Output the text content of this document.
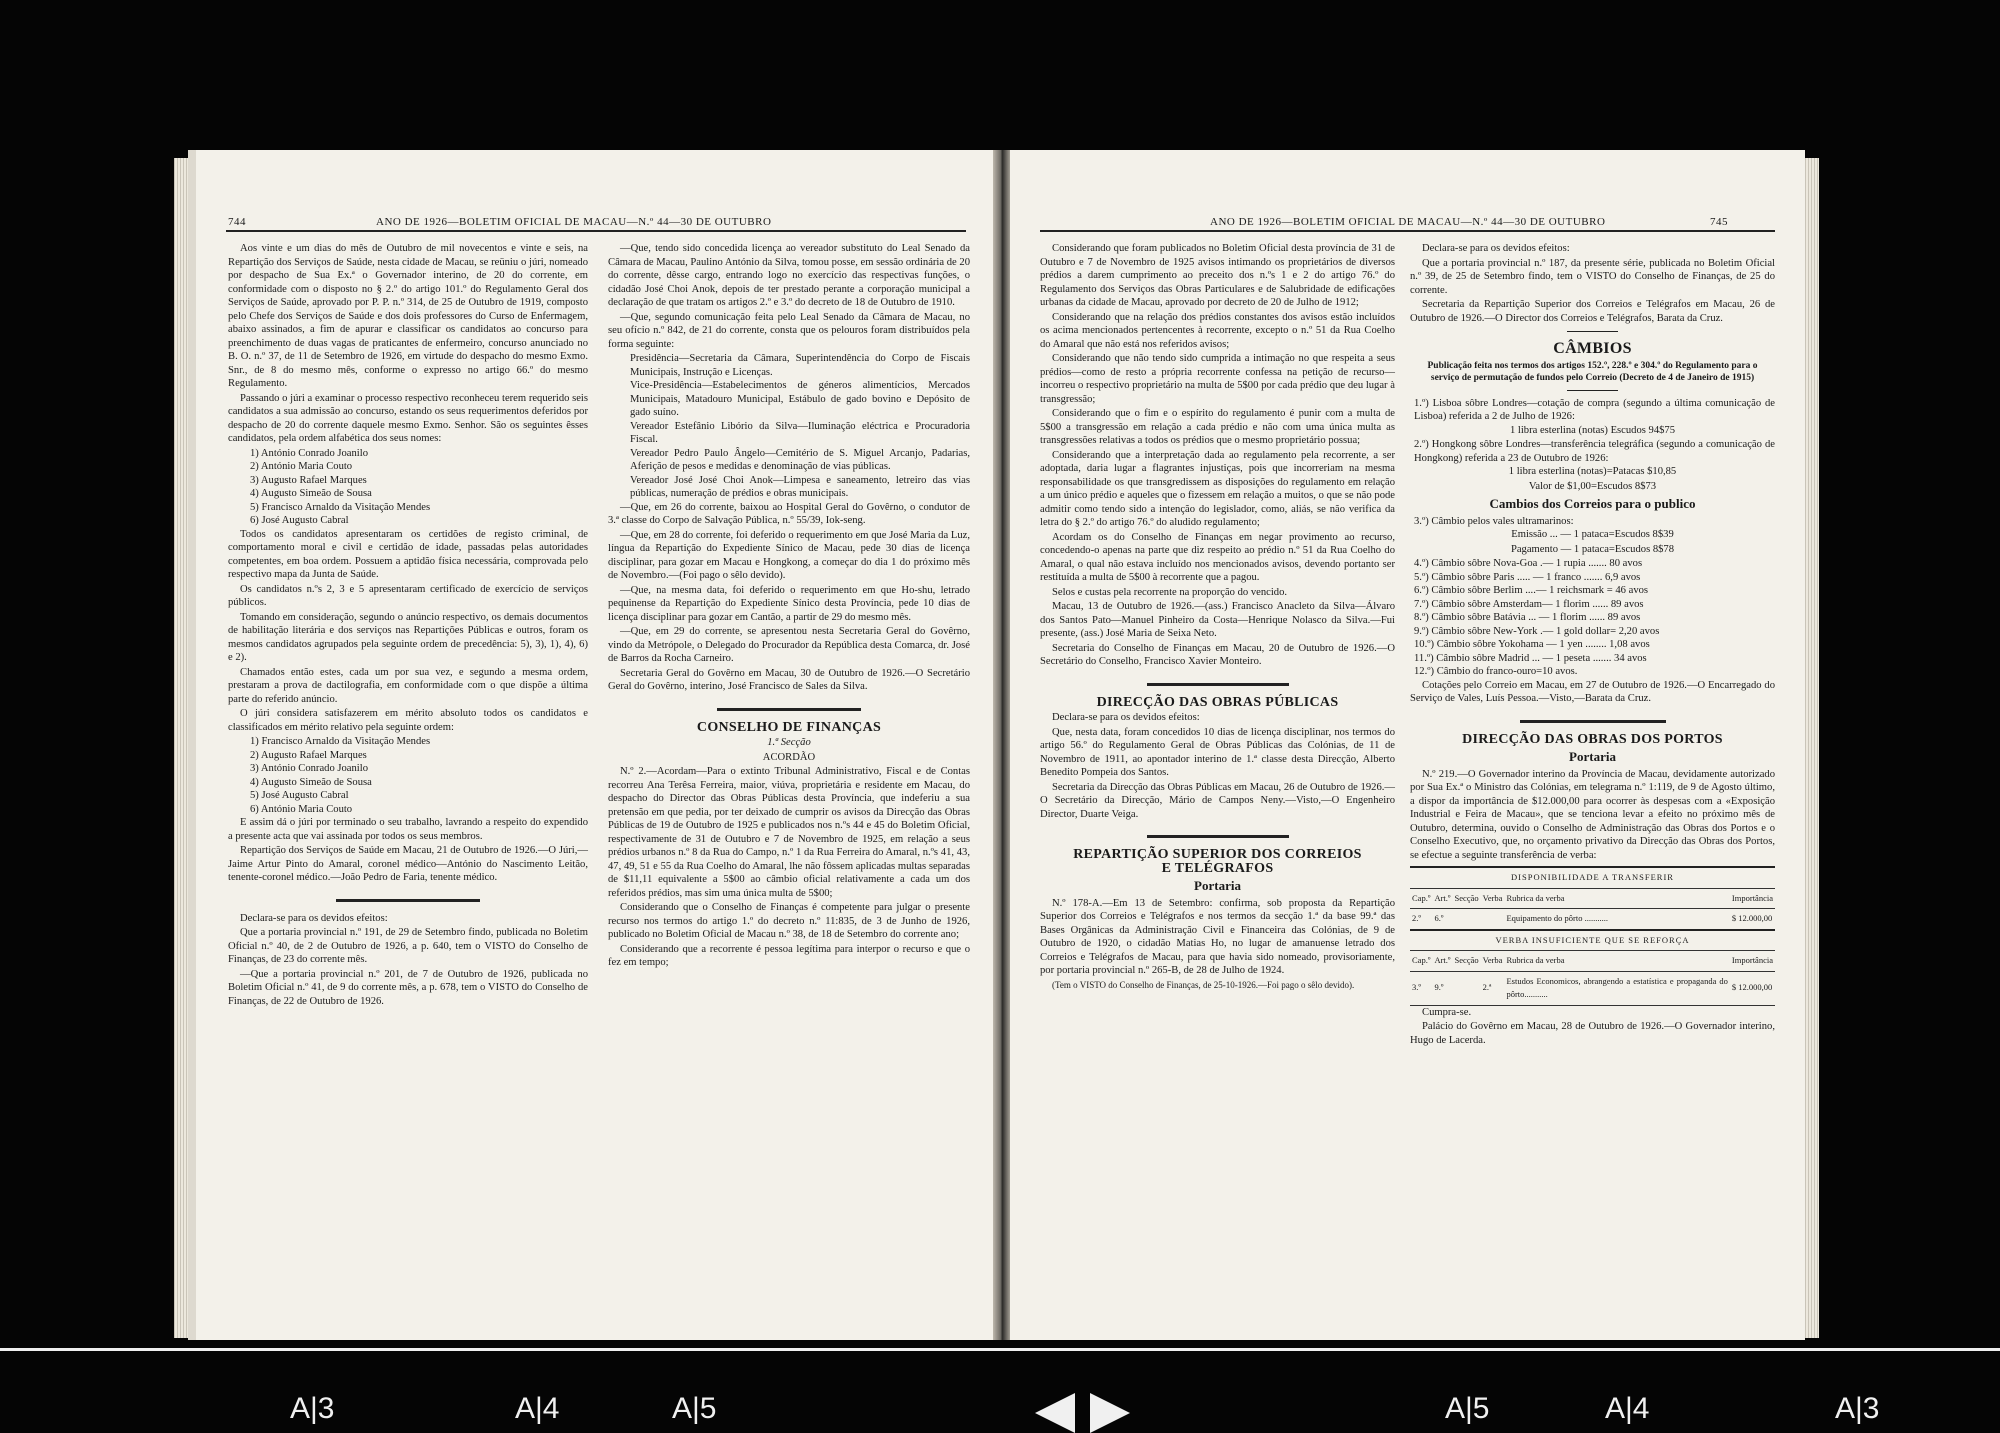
744	ANO DE 1926—BOLETIM OFICIAL DE MACAU—N.º 44—30 DE OUTUBRO

Aos vinte e um dias do mês de Outubro de mil novecentos e vinte e seis, na Repartição dos Serviços de Saúde, nesta cidade de Macau, se reüniu o júri, nomeado por despacho de Sua Ex.ª o Governador interino, de 20 do corrente, em conformidade com o disposto no § 2.º do artigo 101.º do Regulamento Geral dos Serviços de Saúde, aprovado por P. P. n.º 314, de 25 de Outubro de 1919, composto pelo Chefe dos Serviços de Saúde e dos dois professores do Curso de Enfermagem, abaixo assinados, a fim de apurar e classificar os candidatos ao concurso para preenchimento de duas vagas de praticantes de enfermeiro, concurso anunciado no B. O. n.º 37, de 11 de Setembro de 1926, em virtude do despacho do mesmo Exmo. Snr., de 8 do mesmo mês, conforme o expresso no artigo 66.º do mesmo Regulamento.

Passando o júri a examinar o processo respectivo reconheceu terem requerido seis candidatos a sua admissão ao concurso, estando os seus requerimentos deferidos por despacho de 20 do corrente daquele mesmo Exmo. Senhor. São os seguintes êsses candidatos, pela ordem alfabética dos seus nomes:

1) António Conrado Joanilo

2) António Maria Couto

3) Augusto Rafael Marques

4) Augusto Simeão de Sousa

5) Francisco Arnaldo da Visitação Mendes

6) José Augusto Cabral

Todos os candidatos apresentaram os certidões de registo criminal, de comportamento moral e civil e certidão de idade, passadas pelas autoridades competentes, em boa ordem. Possuem a aptidão física necessária, comprovada pelo respectivo mapa da Junta de Saúde.

Os candidatos n.ºs 2, 3 e 5 apresentaram certificado de exercício de serviços públicos.

Tomando em consideração, segundo o anúncio respectivo, os demais documentos de habilitação literária e dos serviços nas Repartições Públicas e outros, foram os mesmos candidatos agrupados pela seguinte ordem de precedência: 5), 3), 1), 4), 6) e 2).

Chamados então estes, cada um por sua vez, e segundo a mesma ordem, prestaram a prova de dactilografia, em conformidade com o que dispõe a última parte do referido anúncio.

O júri considera satisfazerem em mérito absoluto todos os candidatos e classificados em mérito relativo pela seguinte ordem:

1) Francisco Arnaldo da Visitação Mendes

2) Augusto Rafael Marques

3) António Conrado Joanilo

4) Augusto Simeão de Sousa

5) José Augusto Cabral

6) António Maria Couto

E assim dá o júri por terminado o seu trabalho, lavrando a respeito do expendido a presente acta que vai assinada por todos os seus membros.

Repartição dos Serviços de Saúde em Macau, 21 de Outubro de 1926.—O Júri,—Jaime Artur Pinto do Amaral, coronel médico—António do Nascimento Leitão, tenente-coronel médico.—João Pedro de Faria, tenente médico.

Declara-se para os devidos efeitos:

Que a portaria provincial n.º 191, de 29 de Setembro findo, publicada no Boletim Oficial n.º 40, de 2 de Outubro de 1926, a p. 640, tem o VISTO do Conselho de Finanças, de 23 do corrente mês.

—Que a portaria provincial n.º 201, de 7 de Outubro de 1926, publicada no Boletim Oficial n.º 41, de 9 do corrente mês, a p. 678, tem o VISTO do Conselho de Finanças, de 22 de Outubro de 1926.

—Que, tendo sido concedida licença ao vereador substituto do Leal Senado da Câmara de Macau, Paulino António da Silva, tomou posse, em sessão ordinária de 20 do corrente, dêsse cargo, entrando logo no exercício das respectivas funções, o cidadão José Choi Anok, depois de ter prestado perante a corporação municipal a declaração de que tratam os artigos 2.º e 3.º do decreto de 18 de Outubro de 1910.

—Que, segundo comunicação feita pelo Leal Senado da Câmara de Macau, no seu ofício n.º 842, de 21 do corrente, consta que os pelouros foram distribuídos pela forma seguinte:

Presidência—Secretaria da Câmara, Superintendência do Corpo de Fiscais Municipais, Instrução e Licenças.

Vice-Presidência—Estabelecimentos de géneros alimentícios, Mercados Municipais, Matadouro Municipal, Estábulo de gado bovino e Depósito de gado suíno.

Vereador Estefânio Libório da Silva—Iluminação eléctrica e Procuradoria Fiscal.

Vereador Pedro Paulo Ângelo—Cemitério de S. Miguel Arcanjo, Padarias, Aferição de pesos e medidas e denominação de vias públicas.

Vereador José José Choi Anok—Limpesa e saneamento, letreiro das vias públicas, numeração de prédios e obras municipais.

—Que, em 26 do corrente, baixou ao Hospital Geral do Govêrno, o condutor de 3.ª classe do Corpo de Salvação Pública, n.º 55/39, Iok-seng.

—Que, em 28 do corrente, foi deferido o requerimento em que José Maria da Luz, língua da Repartição do Expediente Sínico de Macau, pede 30 dias de licença disciplinar, para gozar em Macau e Hongkong, a começar do dia 1 do próximo mês de Novembro.—(Foi pago o sêlo devido).

—Que, na mesma data, foi deferido o requerimento em que Ho-shu, letrado pequinense da Repartição do Expediente Sínico desta Província, pede 10 dias de licença disciplinar para gozar em Cantão, a partir de 29 do mesmo mês.

—Que, em 29 do corrente, se apresentou nesta Secretaria Geral do Govêrno, vindo da Metrópole, o Delegado do Procurador da República desta Comarca, dr. José de Barros da Rocha Carneiro.

Secretaria Geral do Govêrno em Macau, 30 de Outubro de 1926.—O Secretário Geral do Govêrno, interino, José Francisco de Sales da Silva.

CONSELHO DE FINANÇAS

1.ª Secção

ACORDÃO

N.º 2.—Acordam—Para o extinto Tribunal Administrativo, Fiscal e de Contas recorreu Ana Terêsa Ferreira, maior, viúva, proprietária e residente em Macau, do despacho do Director das Obras Públicas desta Província, que indeferiu a sua pretensão em que pedia, por ter deixado de cumprir os avisos da Direcção das Obras Públicas de 19 de Outubro de 1925 e publicados nos n.ºs 44 e 45 do Boletim Oficial, respectivamente de 31 de Outubro e 7 de Novembro de 1925, em relação a seus prédios urbanos n.º 8 da Rua do Campo, n.º 1 da Rua Ferreira do Amaral, n.ºs 41, 43, 47, 49, 51 e 55 da Rua Coelho do Amaral, lhe não fôssem aplicadas multas separadas de $11,11 equivalente a 5$00 ao câmbio oficial relativamente a cada um dos referidos prédios, mas sim uma única multa de 5$00;

Considerando que o Conselho de Finanças é competente para julgar o presente recurso nos termos do artigo 1.º do decreto n.º 11:835, de 3 de Junho de 1926, publicado no Boletim Oficial de Macau n.º 38, de 18 de Setembro do corrente ano;

Considerando que a recorrente é pessoa legítima para interpor o recurso e que o fez em tempo;

ANO DE 1926—BOLETIM OFICIAL DE MACAU—N.º 44—30 DE OUTUBRO	745

Considerando que foram publicados no Boletim Oficial desta província de 31 de Outubro e 7 de Novembro de 1925 avisos intimando os proprietários de diversos prédios a darem cumprimento ao preceito dos n.ºs 1 e 2 do artigo 76.º do Regulamento dos Serviços das Obras Particulares e de Salubridade de edificações urbanas da cidade de Macau, aprovado por decreto de 20 de Julho de 1912;

Considerando que na relação dos prédios constantes dos avisos estão incluídos os acima mencionados pertencentes à recorrente, excepto o n.º 51 da Rua Coelho do Amaral que não está nos referidos avisos;

Considerando que não tendo sido cumprida a intimação no que respeita a seus prédios—como de resto a própria recorrente confessa na petição de recurso—incorreu o respectivo proprietário na multa de 5$00 por cada prédio que deu lugar à transgressão;

Considerando que o fim e o espírito do regulamento é punir com a multa de 5$00 a transgressão em relação a cada prédio e não com uma única multa as transgressões relativas a todos os prédios que o mesmo proprietário possua;

Considerando que a interpretação dada ao regulamento pela recorrente, a ser adoptada, daria lugar a flagrantes injustiças, pois que incorreriam na mesma responsabilidade os que transgredissem as disposições do regulamento em relação a um único prédio e aqueles que o fizessem em relação a muitos, o que se não pode admitir como tendo sido a intenção do legislador, como, aliás, se não verifica da letra do § 2.º do artigo 76.º do aludido regulamento;

Acordam os do Conselho de Finanças em negar provimento ao recurso, concedendo-o apenas na parte que diz respeito ao prédio n.º 51 da Rua Coelho do Amaral, o qual não estava incluído nos mencionados avisos, devendo portanto ser restituída a multa de 5$00 à recorrente que a pagou.

Selos e custas pela recorrente na proporção do vencido.

Macau, 13 de Outubro de 1926.—(ass.) Francisco Anacleto da Silva—Álvaro dos Santos Pato—Manuel Pinheiro da Costa—Henrique Nolasco da Silva.—Fui presente, (ass.) José Maria de Seixa Neto.

Secretaria do Conselho de Finanças em Macau, 20 de Outubro de 1926.—O Secretário do Conselho, Francisco Xavier Monteiro.

DIRECÇÃO DAS OBRAS PÚBLICAS

Declara-se para os devidos efeitos:

Que, nesta data, foram concedidos 10 dias de licença disciplinar, nos termos do artigo 56.º do Regulamento Geral de Obras Públicas das Colónias, de 11 de Novembro de 1911, ao apontador interino de 1.ª classe desta Direcção, Alberto Benedito Pompeia dos Santos.

Secretaria da Direcção das Obras Públicas em Macau, 26 de Outubro de 1926.—O Secretário da Direcção, Mário de Campos Neny.—Visto,—O Engenheiro Director, Duarte Veiga.

REPARTIÇÃO SUPERIOR DOS CORREIOS
E TELÉGRAFOS
Portaria

N.º 178-A.—Em 13 de Setembro: confirma, sob proposta da Repartição Superior dos Correios e Telégrafos e nos termos da secção 1.ª da base 99.ª das Bases Orgânicas da Administração Civil e Financeira das Colónias, de 9 de Outubro de 1920, o cidadão Matias Ho, no lugar de amanuense letrado dos Correios e Telégrafos de Macau, para que havia sido nomeado, provisoriamente, por portaria provincial n.º 265-B, de 28 de Julho de 1924.

(Tem o VISTO do Conselho de Finanças, de 25-10-1926.—Foi pago o sêlo devido).

Declara-se para os devidos efeitos:

Que a portaria provincial n.º 187, da presente série, publicada no Boletim Oficial n.º 39, de 25 de Setembro findo, tem o VISTO do Conselho de Finanças, de 25 do corrente.

Secretaria da Repartição Superior dos Correios e Telégrafos em Macau, 26 de Outubro de 1926.—O Director dos Correios e Telégrafos, Barata da Cruz.

CÂMBIOS
Publicação feita nos termos dos artigos 152.º, 228.º e 304.º do Regulamento para o serviço de permutação de fundos pelo Correio (Decreto de 4 de Janeiro de 1915)

1.º) Lisboa sôbre Londres—cotação de compra (segundo a última comunicação de Lisboa) referida a 2 de Julho de 1926:

1 libra esterlina (notas) Escudos 94$75

2.º) Hongkong sôbre Londres—transferência telegráfica (segundo a comunicação de Hongkong) referida a 23 de Outubro de 1926:

1 libra esterlina (notas)=Patacas $10,85

Valor de $1,00=Escudos 8$73

Cambios dos Correios para o publico

3.º) Câmbio pelos vales ultramarinos:

Emissão ... — 1 pataca=Escudos 8$39

Pagamento — 1 pataca=Escudos 8$78

4.º) Câmbio sôbre Nova-Goa .— 1 rupia ....... 80 avos

5.º) Câmbio sôbre Paris ..... — 1 franco ....... 6,9 avos

6.º) Câmbio sôbre Berlim ....— 1 reichsmark = 46 avos

7.º) Câmbio sôbre Amsterdam— 1 florim ...... 89 avos

8.º) Câmbio sôbre Batávia ... — 1 florim ...... 89 avos

9.º) Câmbio sôbre New-York .— 1 gold dollar= 2,20 avos

10.º) Câmbio sôbre Yokohama — 1 yen ........ 1,08 avos

11.º) Câmbio sôbre Madrid ... — 1 peseta ....... 34 avos

12.º) Câmbio do franco-ouro=10 avos.

Cotações pelo Correio em Macau, em 27 de Outubro de 1926.—O Encarregado do Serviço de Vales, Luís Pessoa.—Visto,—Barata da Cruz.

DIRECÇÃO DAS OBRAS DOS PORTOS
Portaria

N.º 219.—O Governador interino da Província de Macau, devidamente autorizado por Sua Ex.ª o Ministro das Colónias, em telegrama n.º 1:119, de 9 de Agosto último, a dispor da importância de $12.000,00 para ocorrer às despesas com a «Exposição Industrial e Feira de Macau», que se tenciona levar a efeito no próximo mês de Outubro, determina, ouvido o Conselho de Administração das Obras dos Portos e o Conselho Executivo, que, no orçamento privativo da Direcção das Obras dos Portos, se efectue a seguinte transferência de verba:

DISPONIBILIDADE A TRANSFERIR					
Cap.º	Art.º	Secção	Verba	Rubrica da verba	Importância
2.º	6.º			Equipamento do pôrto ...........	$ 12.000,00
VERBA INSUFICIENTE QUE SE REFORÇA					
Cap.º	Art.º	Secção	Verba	Rubrica da verba	Importância
3.º	9.º		2.ª	Estudos Economicos, abrangendo a estatística e propaganda do pôrto...........	$ 12.000,00

Cumpra-se.

Palácio do Govêrno em Macau, 28 de Outubro de 1926.—O Governador interino, Hugo de Lacerda.

A|3	A|4	A|5	A|5	A|4	A|3
